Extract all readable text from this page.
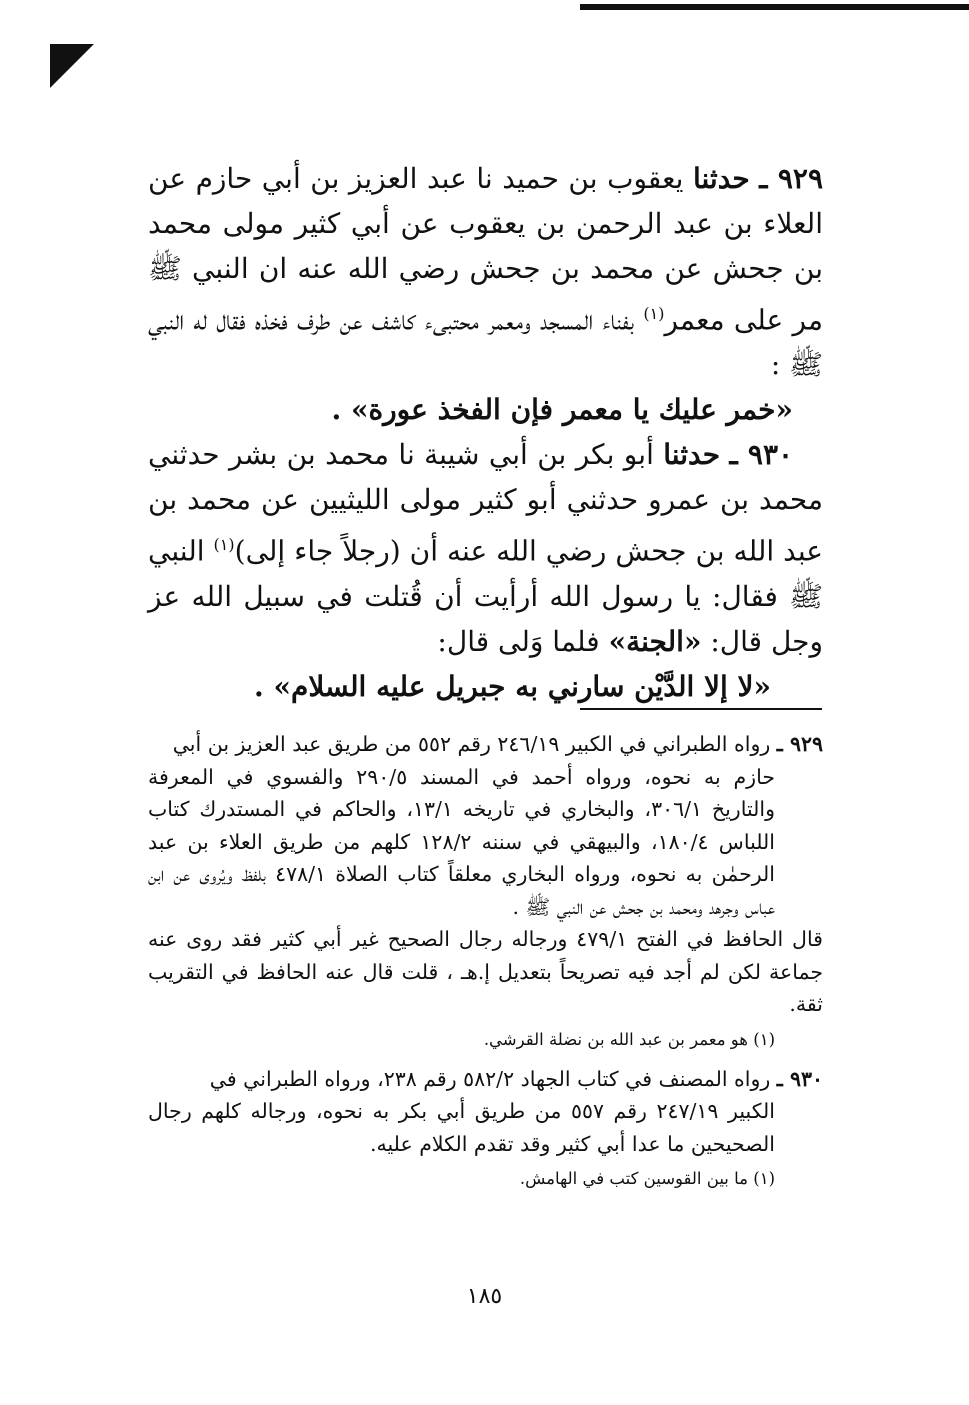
٩٢٩ ـ حدثنا يعقوب بن حميد نا عبد العزيز بن أبي حازم عن العلاء بن عبد الرحمن بن يعقوب عن أبي كثير مولى محمد بن جحش عن محمد بن جحش رضي الله عنه ان النبي ﷺ مر على معمر$^{(١)}$ بفناء المسجد ومعمر محتبىء كاشف عن طرف فخذه فقال له النبي ﷺ :

«خمر عليك يا معمر فإن الفخذ عورة» .

٩٣٠ ـ حدثنا أبو بكر بن أبي شيبة نا محمد بن بشر حدثني محمد بن عمرو حدثني أبو كثير مولى الليثيين عن محمد بن عبد الله بن جحش رضي الله عنه أن (رجلاً جاء إلى)$^{(١)}$ النبي ﷺ فقال: يا رسول الله أرأيت أن قُتلت في سبيل الله عز وجل قال: «الجنة» فلما وَلى قال:

«لا إلا الدَّيْن سارني به جبريل عليه السلام» .

٩٢٩ ـ رواه الطبراني في الكبير ٢٤٦/١٩ رقم ٥٥٢ من طريق عبد العزيز بن أبي
حازم به نحوه، ورواه أحمد في المسند ٢٩٠/٥ والفسوي في المعرفة والتاريخ ٣٠٦/١، والبخاري في تاريخه ١٣/١، والحاكم في المستدرك كتاب اللباس ١٨٠/٤، والبيهقي في سننه ١٢٨/٢ كلهم من طريق العلاء بن عبد الرحمٰن به نحوه، ورواه البخاري معلقاً كتاب الصلاة ٤٧٨/١ بلفظ ويُروى عن ابن عباس وجرهد ومحمد بن جحش عن النبي ﷺ .

قال الحافظ في الفتح ٤٧٩/١ ورجاله رجال الصحيح غير أبي كثير فقد روى عنه جماعة لكن لم أجد فيه تصريحاً بتعديل إ.هـ ، قلت قال عنه الحافظ في التقريب ثقة.

(١) هو معمر بن عبد الله بن نضلة القرشي.

٩٣٠ ـ رواه المصنف في كتاب الجهاد ٥٨٢/٢ رقم ٢٣٨، ورواه الطبراني في
الكبير ٢٤٧/١٩ رقم ٥٥٧ من طريق أبي بكر به نحوه، ورجاله كلهم رجال الصحيحين ما عدا أبي كثير وقد تقدم الكلام عليه.

(١) ما بين القوسين كتب في الهامش.

١٨٥
